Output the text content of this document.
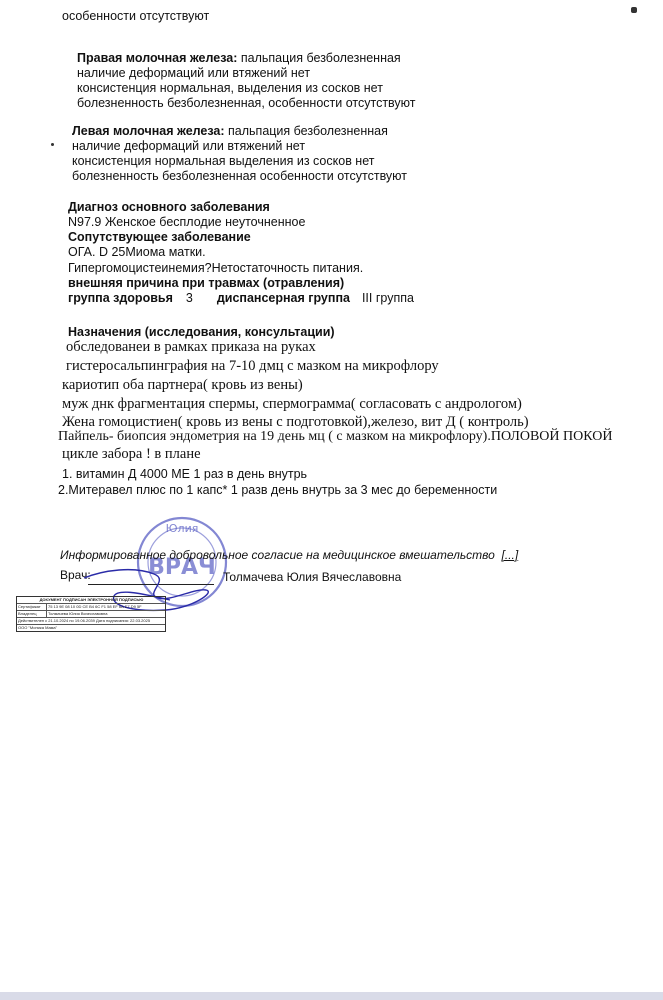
особенности отсутствуют
Правая молочная железа: пальпация безболезненная
наличие деформаций или втяжений нет
консистенция нормальная, выделения из сосков нет
болезненность безболезненная, особенности отсутствуют
Левая молочная железа: пальпация безболезненная
наличие деформаций или втяжений нет
консистенция нормальная выделения из сосков нет
болезненность безболезненная особенности отсутствуют
Диагноз основного заболевания
N97.9 Женское бесплодие неуточненное
Сопутствующее заболевание
ОГА. D 25Миома матки.
Гипергомоцистеинемия?Нетостаточность питания.
внешняя причина при травмах (отравления)
группа здоровья 3 диспансерная группа III группа
Назначения (исследования, консультации)
обследованеи в рамках приказа на руках
гистеросальпинграфия на 7-10 дмц с мазком на микрофлору
кариотип оба партнера( кровь из вены)
муж днк фрагментация спермы, спермограмма( согласовать с андрологом)
Жена гомоцистиен( кровь из вены с подготовкой),железо, вит Д ( контроль)
Пайпель- биопсия эндометрия на 19 день мц ( с мазком на микрофлору).ПОЛОВОЙ ПОКОЙ
цикле забора ! в плане
1. витамин Д 4000 МЕ 1 раз в день внутрь
2.Митеравел плюс по 1 капс* 1 разв день внутрь за 3 мес до беременности
Юлия
ВРАЧ
Информированное добровольное согласие на медицинское вмешательство [...]
Врач:	Толмачева Юлия Вячеславовна
ДОКУМЕНТ ПОДПИСАН ЭЛЕКТРОННОЙ ПОДПИСЬЮ
Сертификат	75 13 9E 08 10 0D CE B4 6C F1 58 EF 6A E7 D9 5F
Владелец	Толмачева Юлия Вячеславовна
Действителен с 21.10.2024 по 19.06.2039 Дата подписания: 22.03.2025
ООО "Моника Мама"
